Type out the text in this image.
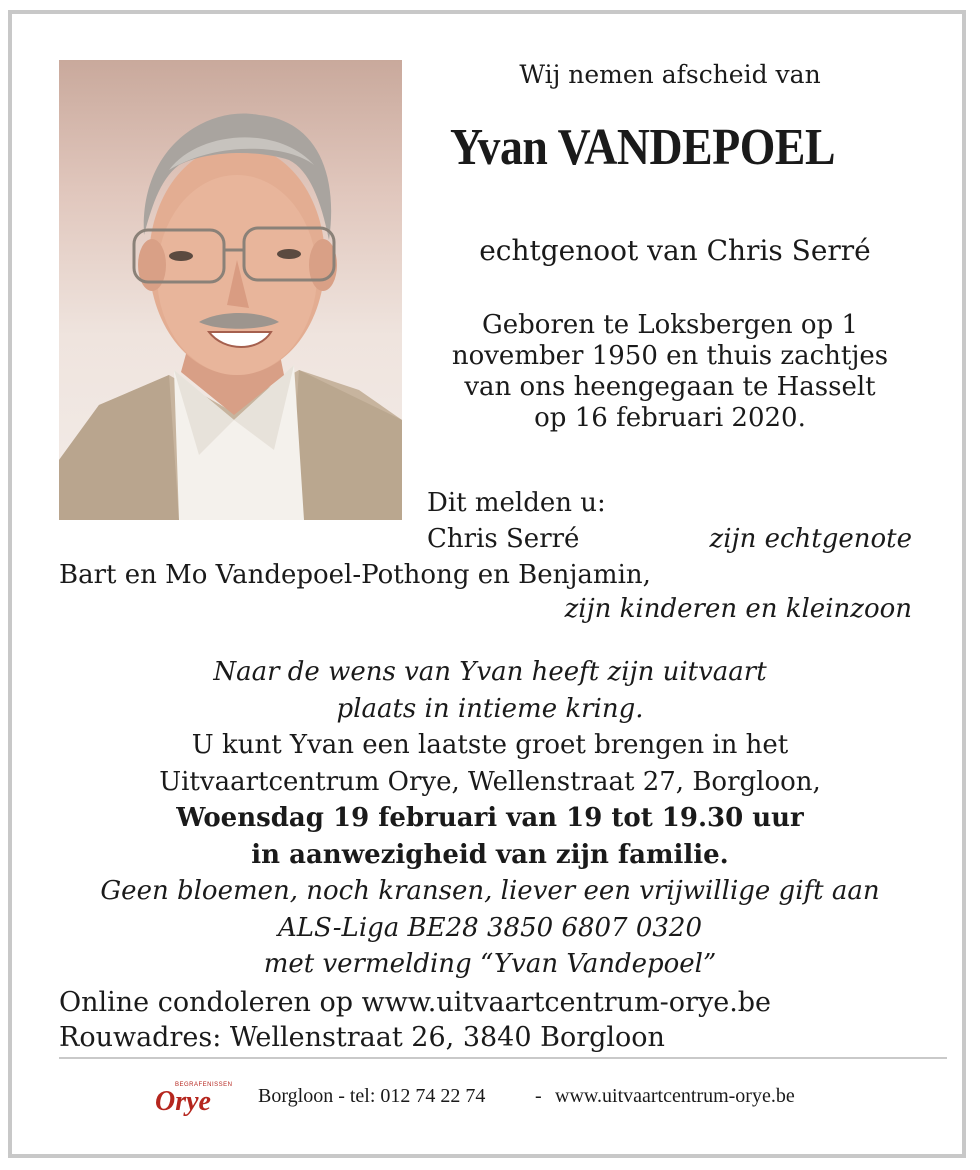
Wij nemen afscheid van
Yvan VANDEPOEL
echtgenoot van Chris Serré
Geboren te Loksbergen op 1
november 1950 en thuis zachtjes
van ons heengegaan te Hasselt
op 16 februari 2020.
Dit melden u:
Chris Serré	zijn echtgenote
Bart en Mo Vandepoel-Pothong en Benjamin,
zijn kinderen en kleinzoon
Naar de wens van Yvan heeft zijn uitvaart
plaats in intieme kring.
U kunt Yvan een laatste groet brengen in het
Uitvaartcentrum Orye, Wellenstraat 27, Borgloon,
Woensdag 19 februari van 19 tot 19.30 uur
in aanwezigheid van zijn familie.
Geen bloemen, noch kransen, liever een vrijwillige gift aan
ALS-Liga BE28 3850 6807 0320
met vermelding “Yvan Vandepoel”
Online condoleren op www.uitvaartcentrum-orye.be
Rouwadres: Wellenstraat 26, 3840 Borgloon
BEGRAFENISSEN
Orye Borgloon - tel: 012 74 22 74 - www.uitvaartcentrum-orye.be
